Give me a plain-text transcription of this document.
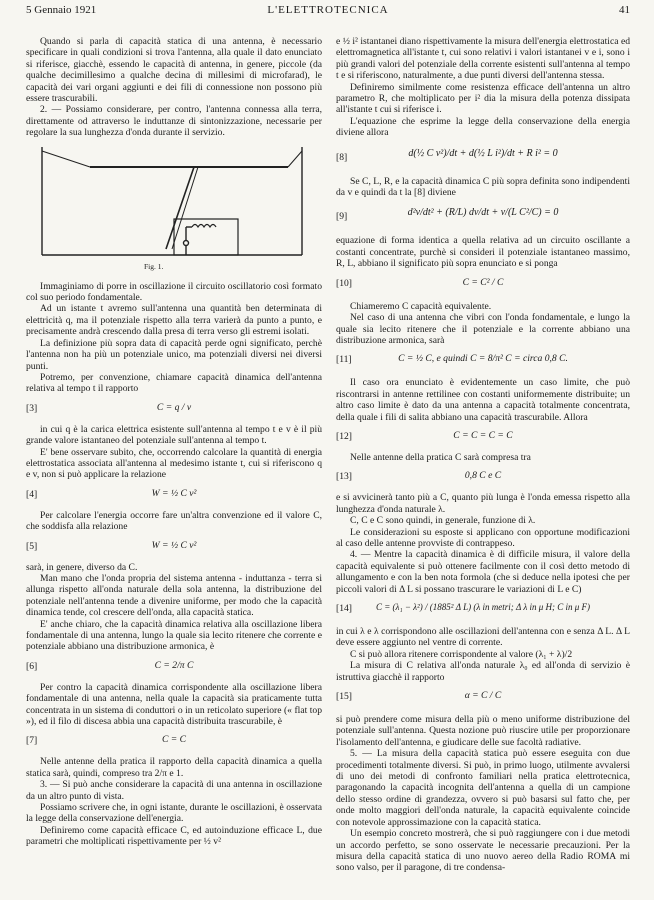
5 Gennaio 1921	L'ELETTROTECNICA	41

Quando si parla di capacità statica di una antenna, è necessario specificare in quali condizioni si trova l'antenna, alla quale il dato enunciato si riferisce, giacchè, essendo le capacità di antenna, in genere, piccole (da qualche decimillesimo a qualche decina di millesimi di microfarad), le capacità dei vari organi aggiunti e dei fili di connessione non possono più essere trascurabili.

2. — Possiamo considerare, per contro, l'antenna connessa alla terra, direttamente od attraverso le induttanze di sintonizzazione, necessarie per regolare la sua lunghezza d'onda durante il servizio.

Fig. 1.

Immaginiamo di porre in oscillazione il circuito oscillatorio così formato col suo periodo fondamentale.

Ad un istante t avremo sull'antenna una quantità ben determinata di elettricità q, ma il potenziale rispetto alla terra varierà da punto a punto, e precisamente andrà crescendo dalla presa di terra verso gli estremi isolati.

La definizione più sopra data di capacità perde ogni significato, perchè l'antenna non ha più un potenziale unico, ma potenziali diversi nei diversi punti.

Potremo, per convenzione, chiamare capacità dinamica dell'antenna relativa al tempo t il rapporto

[3]	C = q / v

in cui q è la carica elettrica esistente sull'antenna al tempo t e v è il più grande valore istantaneo del potenziale sull'antenna al tempo t.

E' bene osservare subito, che, occorrendo calcolare la quantità di energia elettrostatica associata all'antenna al medesimo istante t, cui si riferiscono q e v, non si può applicare la relazione

[4]	W = ½ C v²

Per calcolare l'energia occorre fare un'altra convenzione ed il valore C, che soddisfa alla relazione

[5]	W = ½ C v²

sarà, in genere, diverso da C.

Man mano che l'onda propria del sistema antenna - induttanza - terra si allunga rispetto all'onda naturale della sola antenna, la distribuzione del potenziale nell'antenna tende a divenire uniforme, per modo che la capacità dinamica tende, col crescere dell'onda, alla capacità statica.

E' anche chiaro, che la capacità dinamica relativa alla oscillazione libera fondamentale di una antenna, lungo la quale sia lecito ritenere che corrente e potenziale abbiano una distribuzione armonica, è

[6]	C = 2/π C

Per contro la capacità dinamica corrispondente alla oscillazione libera fondamentale di una antenna, nella quale la capacità sia praticamente tutta concentrata in un sistema di conduttori o in un reticolato superiore (« flat top »), ed il filo di discesa abbia una capacità distribuita trascurabile, è

[7]	C = C

Nelle antenne della pratica il rapporto della capacità dinamica a quella statica sarà, quindi, compreso tra 2/π e 1.

3. — Si può anche considerare la capacità di una antenna in oscillazione da un altro punto di vista.

Possiamo scrivere che, in ogni istante, durante le oscillazioni, è osservata la legge della conservazione dell'energia.

Definiremo come capacità efficace C, ed autoinduzione efficace L, due parametri che moltiplicati rispettivamente per ½ v²

e ½ i² istantanei diano rispettivamente la misura dell'energia elettrostatica ed elettromagnetica all'istante t, cui sono relativi i valori istantanei v e i, sono i più grandi valori del potenziale della corrente esistenti sull'antenna al tempo t e si riferiscono, naturalmente, a due punti diversi dell'antenna stessa.

Definiremo similmente come resistenza efficace dell'antenna un altro parametro R, che moltiplicato per i² dia la misura della potenza dissipata all'istante t cui si riferisce i.

L'equazione che esprime la legge della conservazione della energia diviene allora

[8]	d(½ C v²)/dt + d(½ L i²)/dt + R i² = 0

Se C, L, R, e la capacità dinamica C più sopra definita sono indipendenti da v e quindi da t la [8] diviene

[9]	d²v/dt² + (R/L) dv/dt + v/(L C²/C) = 0

equazione di forma identica a quella relativa ad un circuito oscillante a costanti concentrate, purchè si consideri il potenziale istantaneo massimo, R, L, abbiano il significato più sopra enunciato e si ponga

[10]	C = C² / C

Chiameremo C capacità equivalente.

Nel caso di una antenna che vibri con l'onda fondamentale, e lungo la quale sia lecito ritenere che il potenziale e la corrente abbiano una distribuzione armonica, sarà

[11]	C = ½ C, e quindi C = 8/π² C = circa 0,8 C.

Il caso ora enunciato è evidentemente un caso limite, che può riscontrarsi in antenne rettilinee con costanti uniformemente distribuite; un altro caso limite è dato da una antenna a capacità totalmente concentrata, della quale i fili di salita abbiano una capacità trascurabile. Allora

[12]	C = C = C = C

Nelle antenne della pratica C sarà compresa tra

[13]	0,8 C e C

e si avvicinerà tanto più a C, quanto più lunga è l'onda emessa rispetto alla lunghezza d'onda naturale λ.

C, C e C sono quindi, in generale, funzione di λ.

Le considerazioni su esposte si applicano con opportune modificazioni al caso delle antenne provviste di contrappeso.

4. — Mentre la capacità dinamica è di difficile misura, il valore della capacità equivalente si può ottenere facilmente con il così detto metodo di allungamento e con la ben nota formola (che si deduce nella ipotesi che per piccoli valori di Δ L si possano trascurare le variazioni di L e C)

[14]	C = (λ₁ − λ²) / (1885² Δ L) (λ in metri; Δ λ in μ H; C in μ F)

in cui λ e λ corrispondono alle oscillazioni dell'antenna con e senza Δ L. Δ L deve essere aggiunto nel ventre di corrente.

C si può allora ritenere corrispondente al valore (λ₁ + λ)/2

La misura di C relativa all'onda naturale λ₀ ed all'onda di servizio è istruttiva giacchè il rapporto

[15]	α = C / C

si può prendere come misura della più o meno uniforme distribuzione del potenziale sull'antenna. Questa nozione può riuscire utile per proporzionare l'isolamento dell'antenna, e giudicare delle sue facoltà radiative.

5. — La misura della capacità statica può essere eseguita con due procedimenti totalmente diversi. Si può, in primo luogo, utilmente avvalersi di uno dei metodi di confronto familiari nella pratica elettrotecnica, paragonando la capacità incognita dell'antenna a quella di un campione dello stesso ordine di grandezza, ovvero si può basarsi sul fatto che, per onde molto maggiori dell'onda naturale, la capacità equivalente coincide con notevole approssimazione con la capacità statica.

Un esempio concreto mostrerà, che si può raggiungere con i due metodi un accordo perfetto, se sono osservate le necessarie precauzioni. Per la misura della capacità statica di uno nuovo aereo della Radio ROMA mi sono valso, per il paragone, di tre condensa-
